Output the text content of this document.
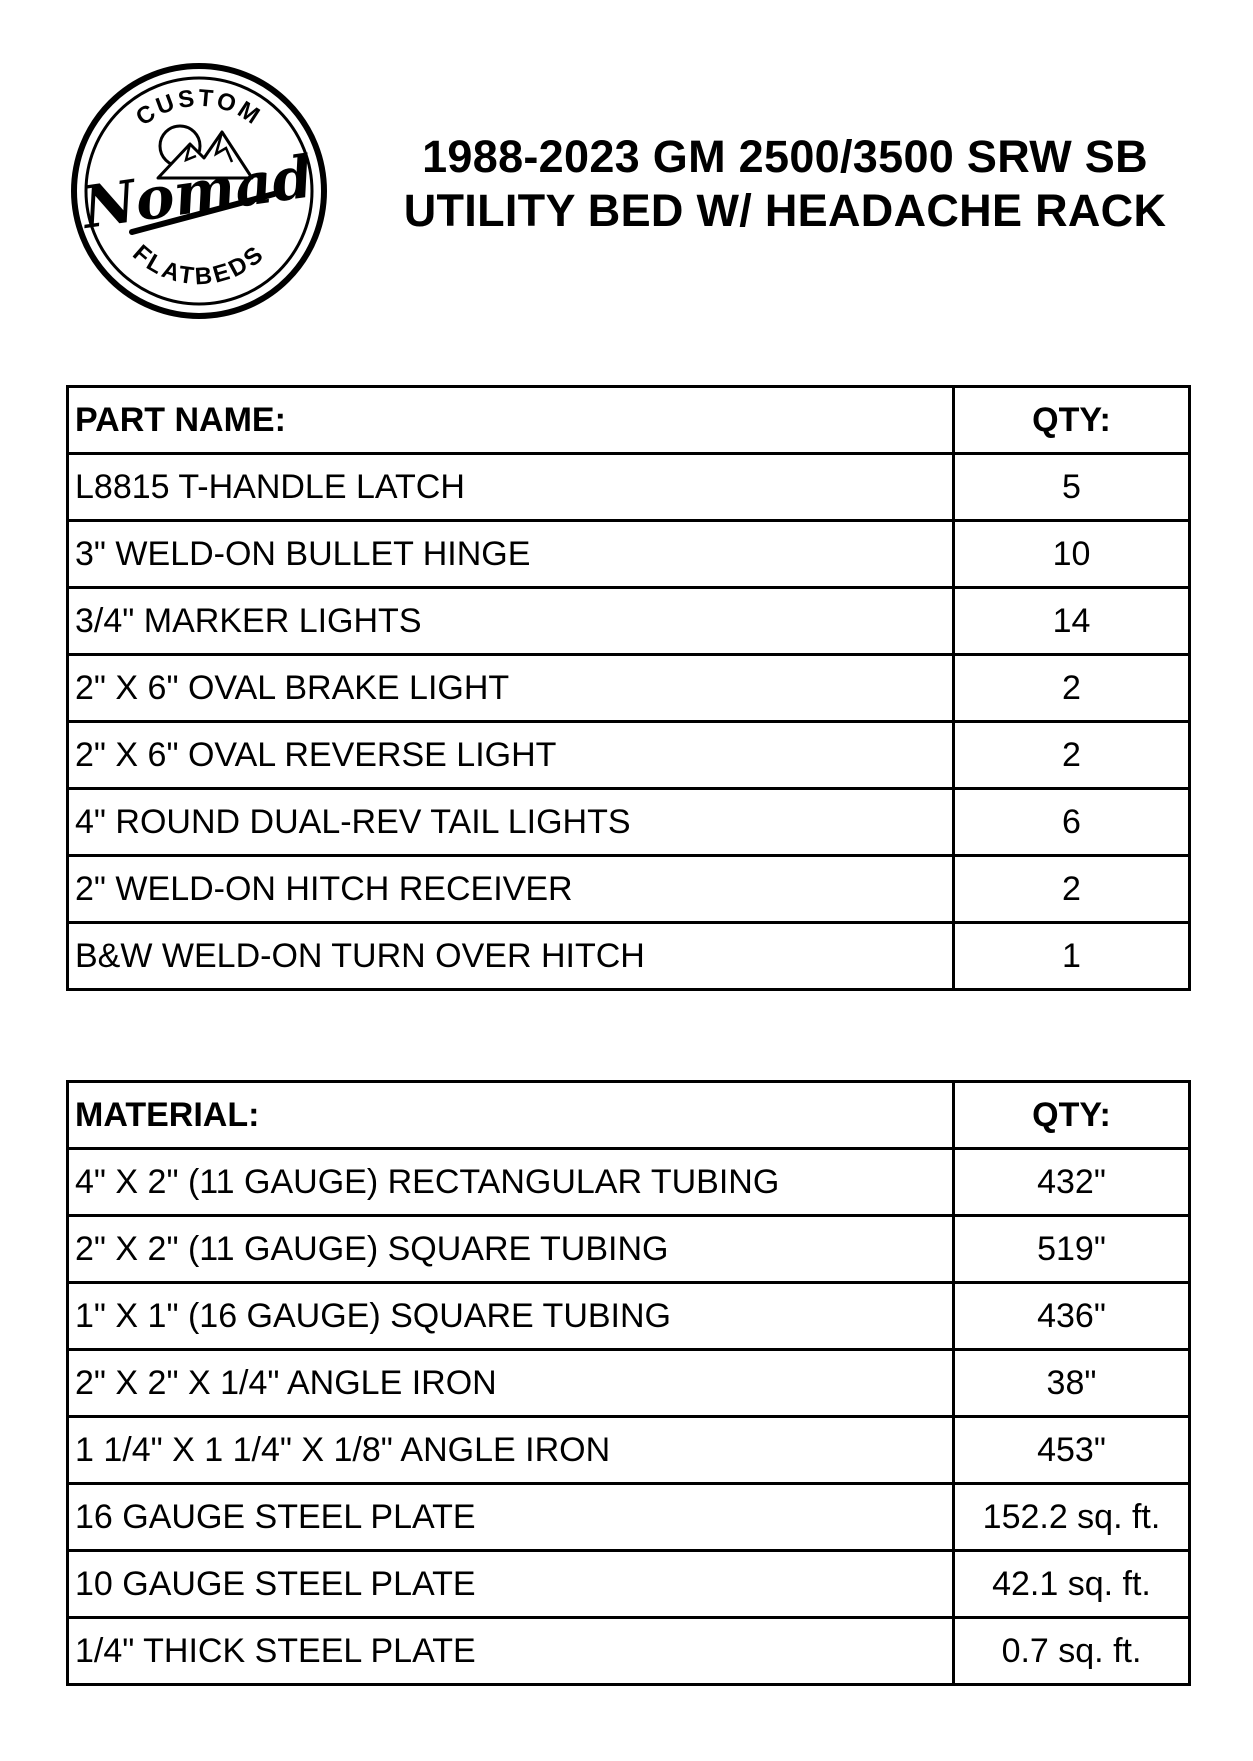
CUSTOM
Nomad
FLATBEDS
1988-2023 GM 2500/3500 SRW SB
UTILITY BED W/ HEADACHE RACK
PART NAME:	QTY:
L8815 T-HANDLE LATCH	5
3" WELD-ON BULLET HINGE	10
3/4" MARKER LIGHTS	14
2" X 6" OVAL BRAKE LIGHT	2
2" X 6" OVAL REVERSE LIGHT	2
4" ROUND DUAL-REV TAIL LIGHTS	6
2" WELD-ON HITCH RECEIVER	2
B&W WELD-ON TURN OVER HITCH	1
MATERIAL:	QTY:
4" X 2" (11 GAUGE) RECTANGULAR TUBING	432"
2" X 2" (11 GAUGE) SQUARE TUBING	519"
1" X 1" (16 GAUGE) SQUARE TUBING	436"
2" X 2" X 1/4" ANGLE IRON	38"
1 1/4" X 1 1/4" X 1/8" ANGLE IRON	453"
16 GAUGE STEEL PLATE	152.2 sq. ft.
10 GAUGE STEEL PLATE	42.1 sq. ft.
1/4" THICK STEEL PLATE	0.7 sq. ft.
